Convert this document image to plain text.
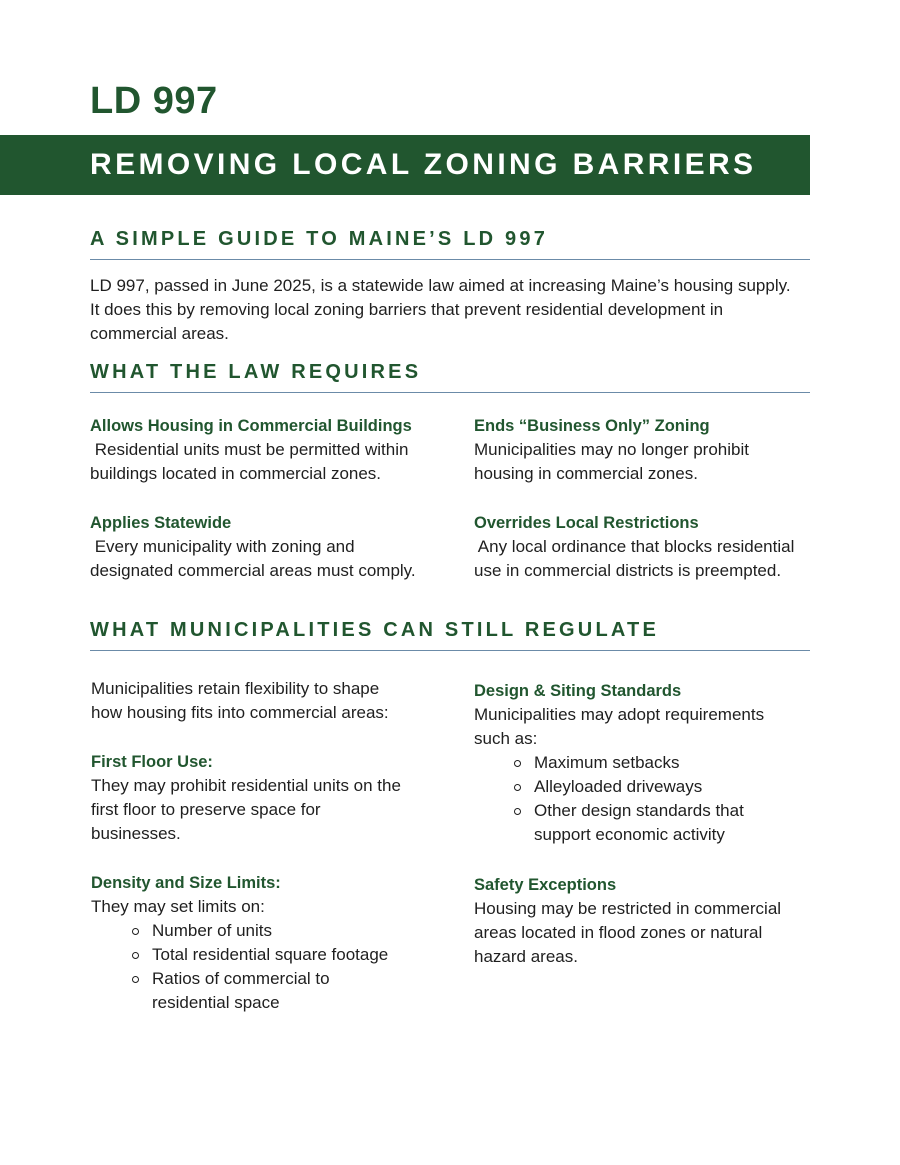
LD 997
REMOVING LOCAL ZONING BARRIERS
A SIMPLE GUIDE TO MAINE’S LD 997
LD 997, passed in June 2025, is a statewide law aimed at increasing Maine’s housing supply.
It does this by removing local zoning barriers that prevent residential development in
commercial areas.
WHAT THE LAW REQUIRES
Allows Housing in Commercial Buildings
Residential units must be permitted within
buildings located in commercial zones.
Ends “Business Only” Zoning
Municipalities may no longer prohibit
housing in commercial zones.
Applies Statewide
Every municipality with zoning and
designated commercial areas must comply.
Overrides Local Restrictions
Any local ordinance that blocks residential
use in commercial districts is preempted.
WHAT MUNICIPALITIES CAN STILL REGULATE
Municipalities retain flexibility to shape
how housing fits into commercial areas:
First Floor Use:
They may prohibit residential units on the
first floor to preserve space for
businesses.
Density and Size Limits:
They may set limits on:
Number of units
Total residential square footage
Ratios of commercial to
residential space
Design & Siting Standards
Municipalities may adopt requirements
such as:
Maximum setbacks
Alleyloaded driveways
Other design standards that
support economic activity
Safety Exceptions
Housing may be restricted in commercial
areas located in flood zones or natural
hazard areas.
